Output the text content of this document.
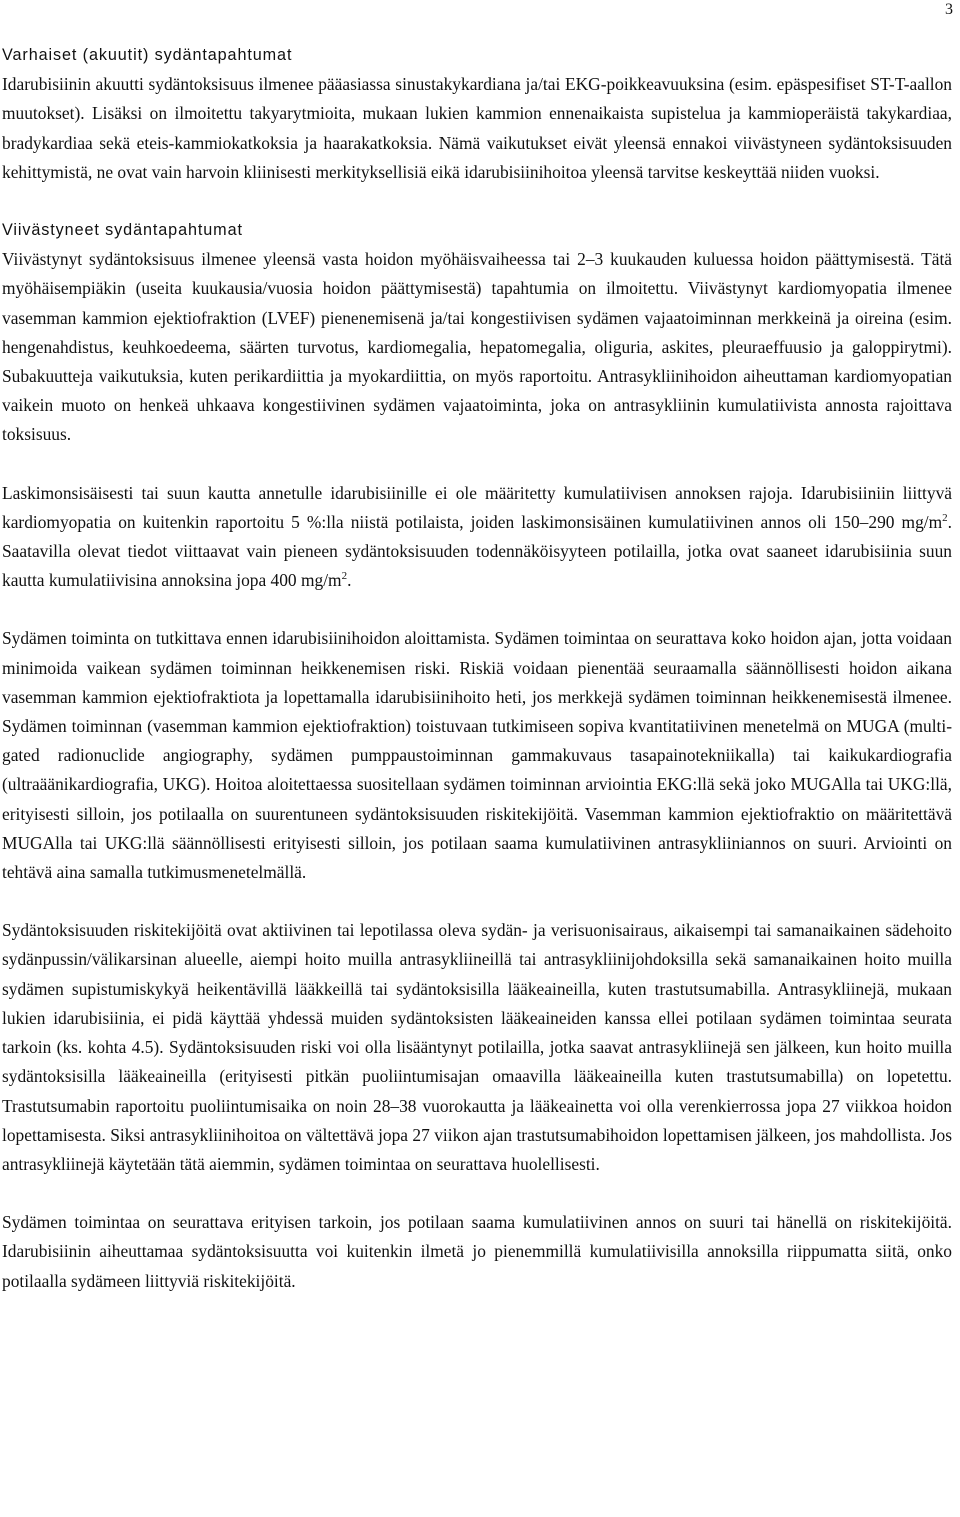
3

Varhaiset (akuutit) sydäntapahtumat

Idarubisiinin akuutti sydäntoksisuus ilmenee pääasiassa sinustakykardiana ja/tai EKG-poikkeavuuksina (esim. epäspesifiset ST-T-aallon muutokset). Lisäksi on ilmoitettu takyarytmioita, mukaan lukien kammion ennenaikaista supistelua ja kammioperäistä takykardiaa, bradykardiaa sekä eteis-kammiokatkoksia ja haarakatkoksia. Nämä vaikutukset eivät yleensä ennakoi viivästyneen sydäntoksisuuden kehittymistä, ne ovat vain harvoin kliinisesti merkityksellisiä eikä idarubisiinihoitoa yleensä tarvitse keskeyttää niiden vuoksi.

Viivästyneet sydäntapahtumat

Viivästynyt sydäntoksisuus ilmenee yleensä vasta hoidon myöhäisvaiheessa tai 2–3 kuukauden kuluessa hoidon päättymisestä. Tätä myöhäisempiäkin (useita kuukausia/vuosia hoidon päättymisestä) tapahtumia on ilmoitettu. Viivästynyt kardiomyopatia ilmenee vasemman kammion ejektiofraktion (LVEF) pienenemisenä ja/tai kongestiivisen sydämen vajaatoiminnan merkkeinä ja oireina (esim. hengenahdistus, keuhkoedeema, säärten turvotus, kardiomegalia, hepatomegalia, oliguria, askites, pleuraeffuusio ja galoppirytmi). Subakuutteja vaikutuksia, kuten perikardiittia ja myokardiittia, on myös raportoitu. Antrasykliinihoidon aiheuttaman kardiomyopatian vaikein muoto on henkeä uhkaava kongestiivinen sydämen vajaatoiminta, joka on antrasykliinin kumulatiivista annosta rajoittava toksisuus.

Laskimonsisäisesti tai suun kautta annetulle idarubisiinille ei ole määritetty kumulatiivisen annoksen rajoja. Idarubisiiniin liittyvä kardiomyopatia on kuitenkin raportoitu 5 %:lla niistä potilaista, joiden laskimonsisäinen kumulatiivinen annos oli 150–290 $mg/m^2$. Saatavilla olevat tiedot viittaavat vain pieneen sydäntoksisuuden todennäköisyyteen potilailla, jotka ovat saaneet idarubisiinia suun kautta kumulatiivisina annoksina jopa 400 $mg/m^2$.

Sydämen toiminta on tutkittava ennen idarubisiinihoidon aloittamista. Sydämen toimintaa on seurattava koko hoidon ajan, jotta voidaan minimoida vaikean sydämen toiminnan heikkenemisen riski. Riskiä voidaan pienentää seuraamalla säännöllisesti hoidon aikana vasemman kammion ejektiofraktiota ja lopettamalla idarubisiinihoito heti, jos merkkejä sydämen toiminnan heikkenemisestä ilmenee. Sydämen toiminnan (vasemman kammion ejektiofraktion) toistuvaan tutkimiseen sopiva kvantitatiivinen menetelmä on MUGA (multi-gated radionuclide angiography, sydämen pumppaustoiminnan gammakuvaus tasapainotekniikalla) tai kaikukardiografia (ultraäänikardiografia, UKG). Hoitoa aloitettaessa suositellaan sydämen toiminnan arviointia EKG:llä sekä joko MUGAlla tai UKG:llä, erityisesti silloin, jos potilaalla on suurentuneen sydäntoksisuuden riskitekijöitä. Vasemman kammion ejektiofraktio on määritettävä MUGAlla tai UKG:llä säännöllisesti erityisesti silloin, jos potilaan saama kumulatiivinen antrasykliiniannos on suuri. Arviointi on tehtävä aina samalla tutkimusmenetelmällä.

Sydäntoksisuuden riskitekijöitä ovat aktiivinen tai lepotilassa oleva sydän- ja verisuonisairaus, aikaisempi tai samanaikainen sädehoito sydänpussin/välikarsinan alueelle, aiempi hoito muilla antrasykliineillä tai antrasykliinijohdoksilla sekä samanaikainen hoito muilla sydämen supistumiskykyä heikentävillä lääkkeillä tai sydäntoksisilla lääkeaineilla, kuten trastutsumabilla. Antrasykliinejä, mukaan lukien idarubisiinia, ei pidä käyttää yhdessä muiden sydäntoksisten lääkeaineiden kanssa ellei potilaan sydämen toimintaa seurata tarkoin (ks. kohta 4.5). Sydäntoksisuuden riski voi olla lisääntynyt potilailla, jotka saavat antrasykliinejä sen jälkeen, kun hoito muilla sydäntoksisilla lääkeaineilla (erityisesti pitkän puoliintumisajan omaavilla lääkeaineilla kuten trastutsumabilla) on lopetettu. Trastutsumabin raportoitu puoliintumisaika on noin 28–38 vuorokautta ja lääkeainetta voi olla verenkierrossa jopa 27 viikkoa hoidon lopettamisesta. Siksi antrasykliinihoitoa on vältettävä jopa 27 viikon ajan trastutsumabihoidon lopettamisen jälkeen, jos mahdollista. Jos antrasykliinejä käytetään tätä aiemmin, sydämen toimintaa on seurattava huolellisesti.

Sydämen toimintaa on seurattava erityisen tarkoin, jos potilaan saama kumulatiivinen annos on suuri tai hänellä on riskitekijöitä. Idarubisiinin aiheuttamaa sydäntoksisuutta voi kuitenkin ilmetä jo pienemmillä kumulatiivisilla annoksilla riippumatta siitä, onko potilaalla sydämeen liittyviä riskitekijöitä.
